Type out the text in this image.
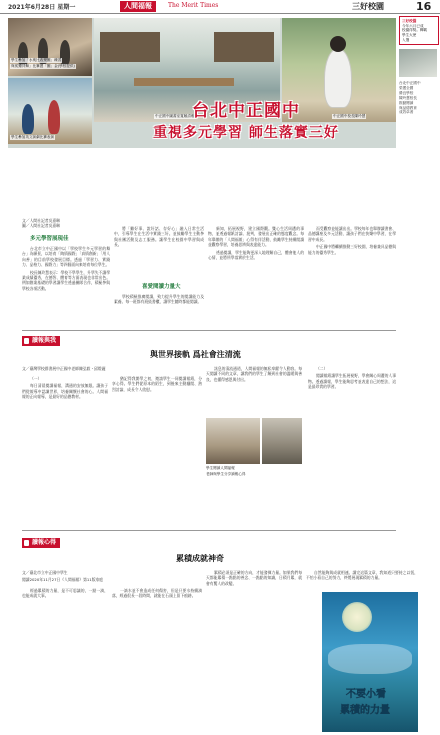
2021年6月28日 星期一	人間福報	The Merit Times	三好校園	16
學生參加「水奧比改樂團」練習
與孤獨共舞」比賽獲「團」金(學校提供)
學生參加英文演劇比賽表演
中正國中圖書室寬敞清雅	中正國中校長陳玲慧
台北中正國中
重視多元學習 師生落實三好
三好校園
今年六月已成
校園得獎。轉載
學生大使
入選
台北中正國中
榮獲全國
優良學校
陳玲慧校長
推動閱讀
與品德教育
成效卓著
文／人間社記者吳嘉琳
圖／人間社記者吳嘉琳
多元學習展現佳
喜愛閱讀力量大

台北市立中正國中以「學校學生多元學習的舞台」為願景，以培育「陶情國際」「真情創新」「用人向善」的目前學校發展目標。透過「學習力、實踐力、品格力、國際力」等四個面向來培育每位學生。

校長陳玲慧表示：學校不學學生，升學失不讓學業成績優秀，在德智、體育等方面表現也非常出色。例如創業基礎的學習讓學生透過團隊合作，積極參與學校各項活動。

將「難好事、說好話、存好心」融入日常生活中，引導學生在生活中實踐三好。並鼓勵學生主動參與社團活動及志工服務。讓學生在校園中學習與成長。

學校積極推廣閱讀，致力提升學生的閱讀能力及素養。每一班都有班級書櫃，讓學生隨時都能閱讀。

新知，拓展視野，建立國際觀。雙心生活周遭的事物，並透過報紙討論、批判，發展出正確的態度觀念。每年舉辦的「人間福報」心得有伴活動，鼓勵學生持續閱讀並觀察學習，培養思辨與表達能力。

透過閱讀，學生能夠更深入地理解自己，體會他人的心情，並將所學落實於生活。

而受觀察並能讓出出。學校每年也舉辦讀書會、品德講座及多元活動，讓孩子們在快樂中學習，在學習中成長。

中正國中將繼續推動三好校園，培養兼具品德與能力的優秀學生。

讀報與我
與世界接軌 爲社會注清流
文／臺灣學校群書展中正國中老師陳弘毅・邱燈麗

（一）

每日清晨閱讀福報，溝通的安放無限。讓孩子們從報導中認識世界，培養關懷社會的心。人間福報的正向報導，是最好的品德教材。

猶記得我開學之初，邀請學生一同閱讀報紙，分享心得。學生們從原本的陌生，到後來主動翻閱、熱烈討論，成長令人欣慰。

訊息的清流通道，人間福報的無私奉獻令人動容。每天閱讀不同的文章，讓我們的學生了解到社會的溫暖與善良，也懂得感恩與付出。

學生閱讀人間福報
老師與學生分享讀報心得

（二）

閱讀報紙讓學生拓展視野，學會關心周遭的人事物。透過讀報，學生能夠思考並表達自己的想法，這是最珍貴的學習。

讀報心得
累積成就神奇
文／臺北市立中正國中學生
閱讀2020年11月27日《人間福報》第11版家庭

經過累積的力量，是不可思議的，一點一滴，也能成就大事。

一滴水並不會造成任何傷害，但是只要水持續滴落，經過很長一段時間，就能在石頭上留下痕跡。

累積必須是正確的方向，才能發揮力量。如果我們每天都能累積一點點的善念、一點點的知識，日積月累，就會有驚人的改變。

自然能夠與成就相連。讀完這篇文章，我知道只要持之以恆，不怕小看自己的努力，終將展現累積的力量。

不要小看
累積的力量
